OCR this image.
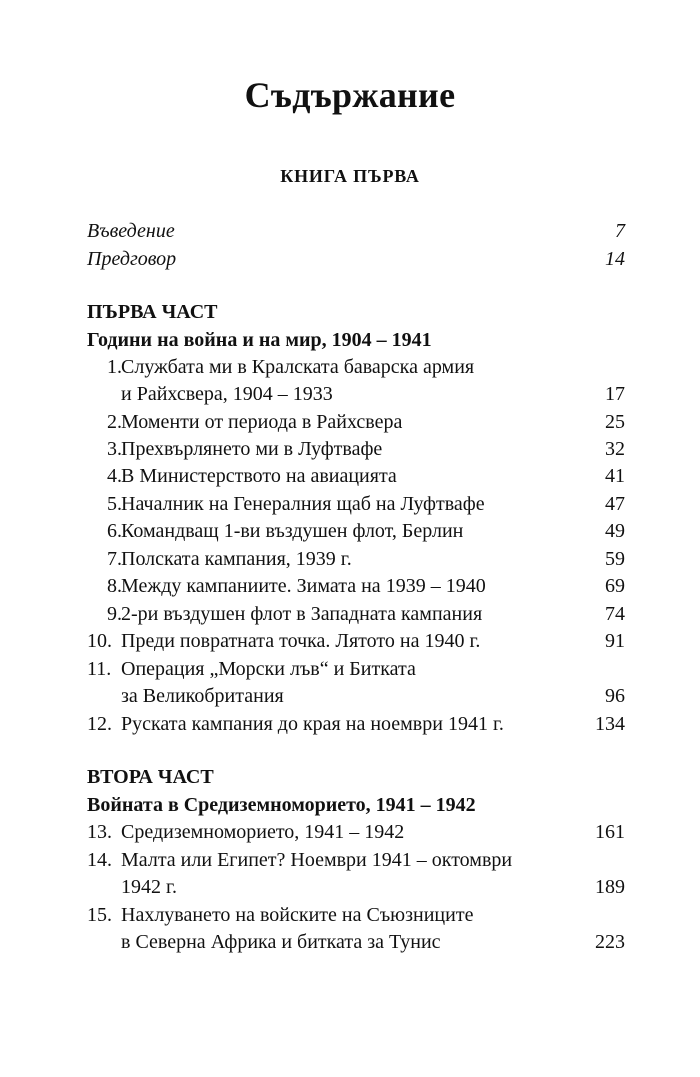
Съдържание
КНИГА ПЪРВА
Въведение	7
Предговор	14
ПЪРВА ЧАСТ
Години на война и на мир, 1904 – 1941
1. Службата ми в Кралската баварска армия
и Райхсвера, 1904 – 1933	17
2. Моменти от периода в Райхсвера	25
3. Прехвърлянето ми в Луфтвафе	32
4. В Министерството на авиацията	41
5. Началник на Генералния щаб на Луфтвафе	47
6. Командващ 1-ви въздушен флот, Берлин	49
7. Полската кампания, 1939 г.	59
8. Между кампаниите. Зимата на 1939 – 1940	69
9. 2-ри въздушен флот в Западната кампания	74
10. Преди повратната точка. Лятото на 1940 г.	91
11. Операция „Морски лъв“ и Битката
за Великобритания	96
12. Руската кампания до края на ноември 1941 г.	134
ВТОРА ЧАСТ
Войната в Средиземноморието, 1941 – 1942
13. Средиземноморието, 1941 – 1942	161
14. Малта или Египет? Ноември 1941 – октомври
1942 г.	189
15. Нахлуването на войските на Съюзниците
в Северна Африка и битката за Тунис	223
